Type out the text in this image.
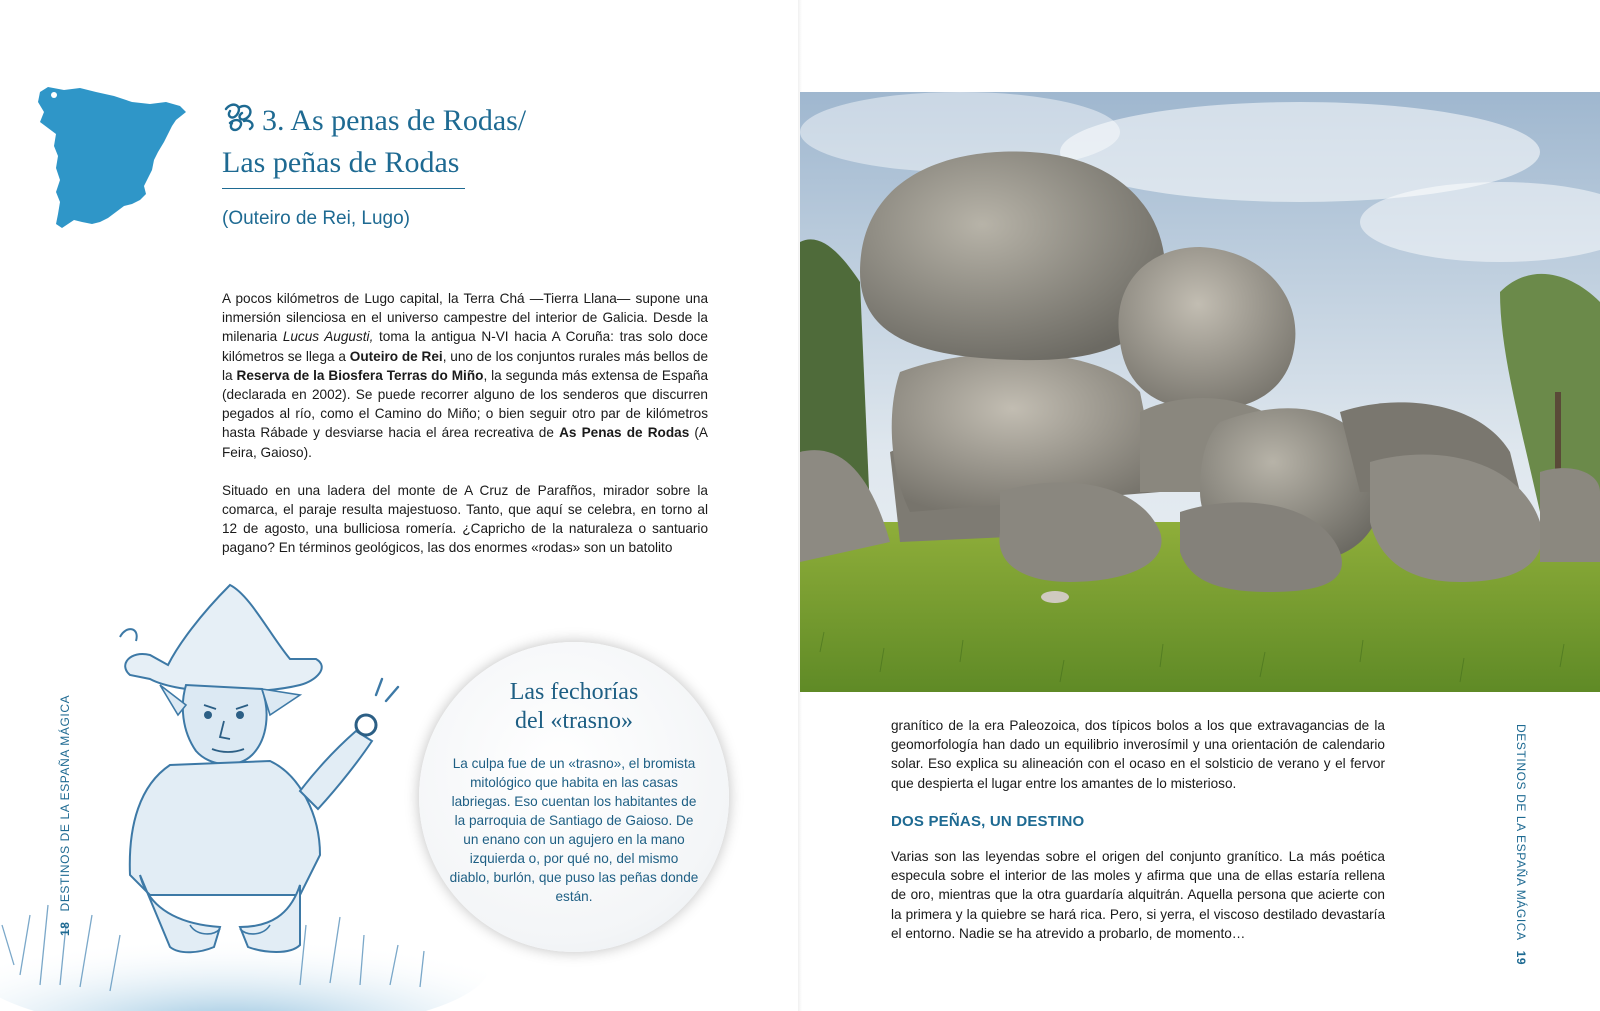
3. As penas de Rodas/
Las peñas de Rodas
(Outeiro de Rei, Lugo)

A pocos kilómetros de Lugo capital, la Terra Chá —Tierra Llana— supone una inmersión silenciosa en el universo campestre del interior de Galicia. Desde la milenaria Lucus Augusti, toma la antigua N-VI hacia A Coruña: tras solo doce kilómetros se llega a Outeiro de Rei, uno de los conjuntos rurales más bellos de la Reserva de la Biosfera Terras do Miño, la segunda más extensa de España (declarada en 2002). Se puede recorrer alguno de los senderos que discurren pegados al río, como el Camino do Miño; o bien seguir otro par de kilómetros hasta Rábade y desviarse hacia el área recreativa de As Penas de Rodas (A Feira, Gaioso).

Situado en una ladera del monte de A Cruz de Parafños, mirador sobre la comarca, el paraje resulta majestuoso. Tanto, que aquí se celebra, en torno al 12 de agosto, una bulliciosa romería. ¿Capricho de la naturaleza o santuario pagano? En términos geológicos, las dos enormes «rodas» son un batolito

Las fechorías
del «trasno»
La culpa fue de un «trasno», el bromista mitológico que habita en las casas labriegas. Eso cuentan los habitantes de la parroquia de Santiago de Gaioso. De un enano con un agujero en la mano izquierda o, por qué no, del mismo diablo, burlón, que puso las peñas donde están.
18DESTINOS DE LA ESPAÑA MÁGICA	granítico de la era Paleozoica, dos típicos bolos a los que extravagancias de la geomorfología han dado un equilibrio inverosímil y una orientación de calendario solar. Eso explica su alineación con el ocaso en el solsticio de verano y el fervor que despierta el lugar entre los amantes de lo misterioso.

DOS PEÑAS, UN DESTINO

Varias son las leyendas sobre el origen del conjunto granítico. La más poética especula sobre el interior de las moles y afirma que una de ellas estaría rellena de oro, mientras que la otra guardaría alquitrán. Aquella persona que acierte con la primera y la quiebre se hará rica. Pero, si yerra, el viscoso destilado devastaría el entorno. Nadie se ha atrevido a probarlo, de momento…	DESTINOS DE LA ESPAÑA MÁGICA19
